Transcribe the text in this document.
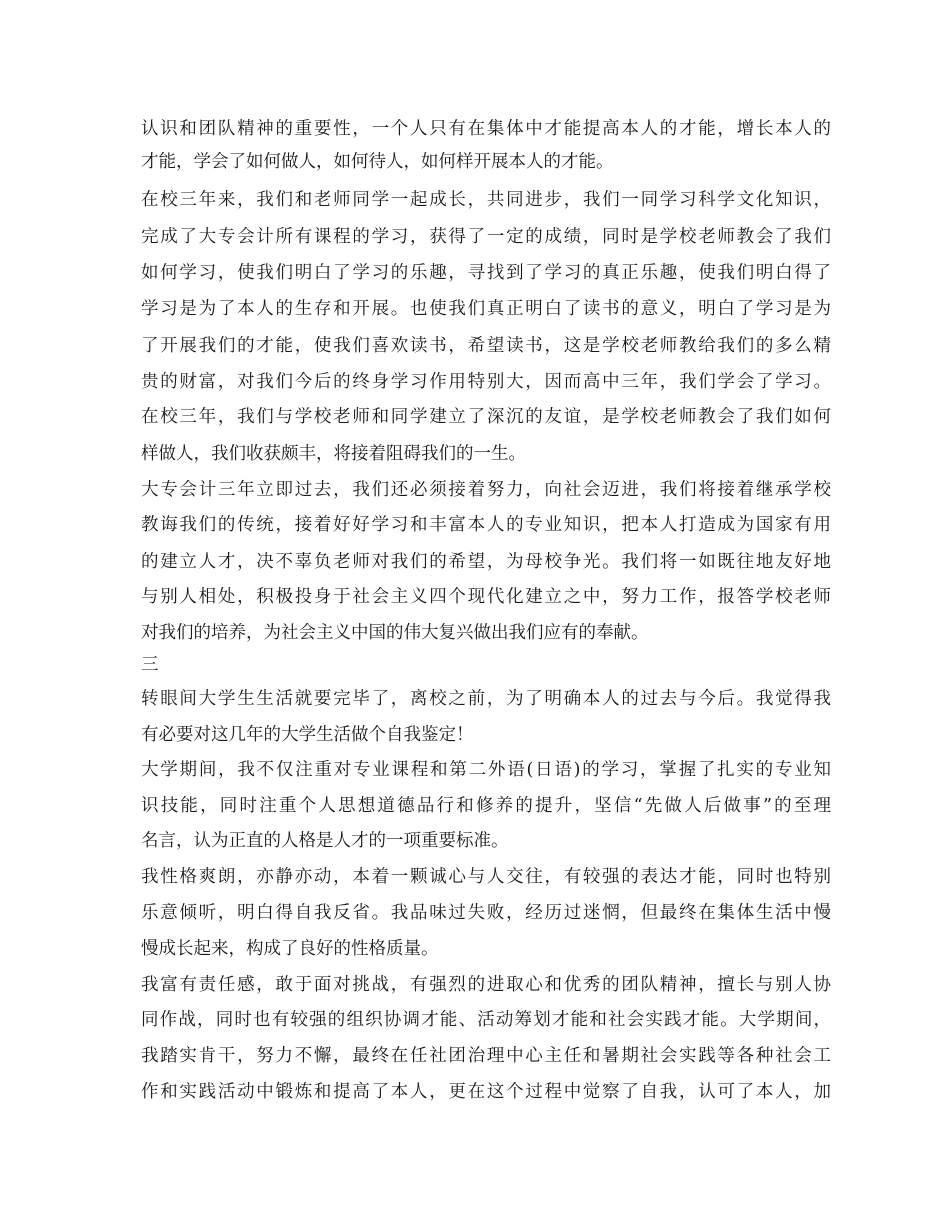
认识和团队精神的重要性，一个人只有在集体中才能提高本人的才能，增长本人的
才能，学会了如何做人，如何待人，如何样开展本人的才能。
在校三年来，我们和老师同学一起成长，共同进步，我们一同学习科学文化知识，
完成了大专会计所有课程的学习，获得了一定的成绩，同时是学校老师教会了我们
如何学习，使我们明白了学习的乐趣，寻找到了学习的真正乐趣，使我们明白得了
学习是为了本人的生存和开展。也使我们真正明白了读书的意义，明白了学习是为
了开展我们的才能，使我们喜欢读书，希望读书，这是学校老师教给我们的多么精
贵的财富，对我们今后的终身学习作用特别大，因而高中三年，我们学会了学习。
在校三年，我们与学校老师和同学建立了深沉的友谊，是学校老师教会了我们如何
样做人，我们收获颇丰，将接着阻碍我们的一生。
大专会计三年立即过去，我们还必须接着努力，向社会迈进，我们将接着继承学校
教诲我们的传统，接着好好学习和丰富本人的专业知识，把本人打造成为国家有用
的建立人才，决不辜负老师对我们的希望，为母校争光。我们将一如既往地友好地
与别人相处，积极投身于社会主义四个现代化建立之中，努力工作，报答学校老师
对我们的培养，为社会主义中国的伟大复兴做出我们应有的奉献。
三
转眼间大学生生活就要完毕了，离校之前，为了明确本人的过去与今后。我觉得我
有必要对这几年的大学生活做个自我鉴定！
大学期间，我不仅注重对专业课程和第二外语(日语)的学习，掌握了扎实的专业知
识技能，同时注重个人思想道德品行和修养的提升，坚信“先做人后做事”的至理
名言，认为正直的人格是人才的一项重要标准。
我性格爽朗，亦静亦动，本着一颗诚心与人交往，有较强的表达才能，同时也特别
乐意倾听，明白得自我反省。我品味过失败，经历过迷惘，但最终在集体生活中慢
慢成长起来，构成了良好的性格质量。
我富有责任感，敢于面对挑战，有强烈的进取心和优秀的团队精神，擅长与别人协
同作战，同时也有较强的组织协调才能、活动筹划才能和社会实践才能。大学期间，
我踏实肯干，努力不懈，最终在任社团治理中心主任和暑期社会实践等各种社会工
作和实践活动中锻炼和提高了本人，更在这个过程中觉察了自我，认可了本人，加
